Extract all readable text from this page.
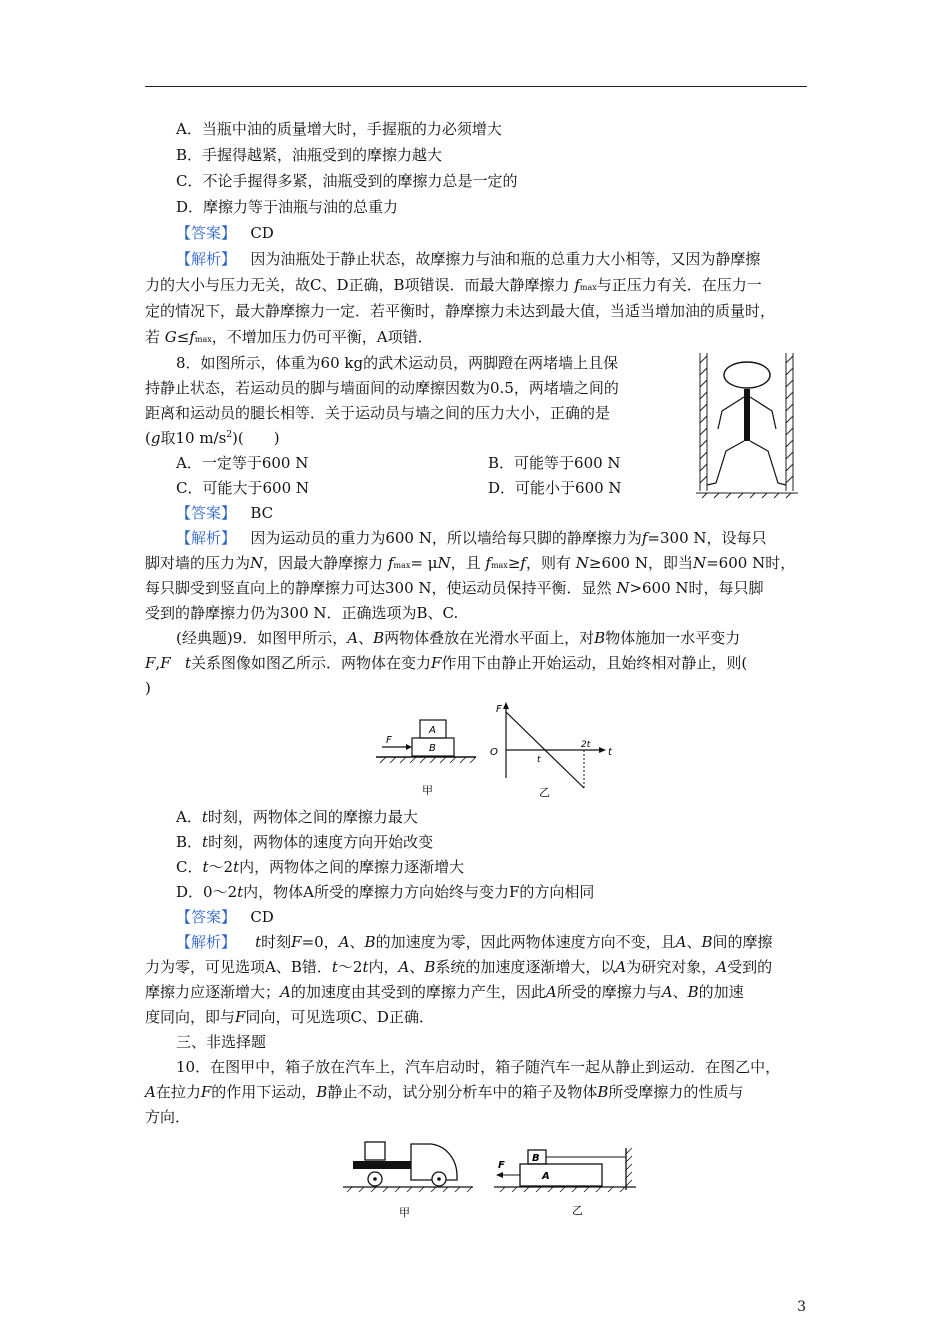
A．当瓶中油的质量增大时，手握瓶的力必须增大
B．手握得越紧，油瓶受到的摩擦力越大
C．不论手握得多紧，油瓶受到的摩擦力总是一定的
D．摩擦力等于油瓶与油的总重力
【答案】 CD
【解析】 因为油瓶处于静止状态，故摩擦力与油和瓶的总重力大小相等，又因为静摩擦
力的大小与压力无关，故C、D正确，B项错误．而最大静摩擦力 fmax与正压力有关．在压力一
定的情况下，最大静摩擦力一定．若平衡时，静摩擦力未达到最大值，当适当增加油的质量时，
若 G≤fmax，不增加压力仍可平衡，A项错．
8．如图所示，体重为60 kg的武术运动员，两脚蹬在两堵墙上且保
持静止状态，若运动员的脚与墙面间的动摩擦因数为0.5，两堵墙之间的
距离和运动员的腿长相等．关于运动员与墙之间的压力大小，正确的是
(g取10 $m/s^2$)(　　)
A．一定等于600 N	B．可能等于600 N
C．可能大于600 N	D．可能小于600 N
【答案】 BC
【解析】 因为运动员的重力为600 N，所以墙给每只脚的静摩擦力为f=300 N，设每只
脚对墙的压力为N，因最大静摩擦力 fmax= μN，且 fmax≥f，则有 N≥600 N，即当N=600 N时，
每只脚受到竖直向上的静摩擦力可达300 N，使运动员保持平衡．显然 N>600 N时，每只脚
受到的静摩擦力仍为300 N．正确选项为B、C.
(经典题)9．如图甲所示，A、B两物体叠放在光滑水平面上，对B物体施加一水平变力
F,F t关系图像如图乙所示．两物体在变力F作用下由静止开始运动，且始终相对静止，则(
)
A
B
F
甲
F
O	t
t
2t
乙
A．t时刻，两物体之间的摩擦力最大
B．t时刻，两物体的速度方向开始改变
C．t～2t内，两物体之间的摩擦力逐渐增大
D．0～2t内，物体A所受的摩擦力方向始终与变力F的方向相同
【答案】 CD
【解析】 t时刻F=0，A、B的加速度为零，因此两物体速度方向不变，且A、B间的摩擦
力为零，可见选项A、B错．t～2t内，A、B系统的加速度逐渐增大，以A为研究对象，A受到的
摩擦力应逐渐增大；A的加速度由其受到的摩擦力产生，因此A所受的摩擦力与A、B的加速
度同向，即与F同向，可见选项C、D正确．
三、非选择题
10．在图甲中，箱子放在汽车上，汽车启动时，箱子随汽车一起从静止到运动．在图乙中，
A在拉力F的作用下运动，B静止不动，试分别分析车中的箱子及物体B所受摩擦力的性质与
方向．
甲
B
A
F
乙
3
